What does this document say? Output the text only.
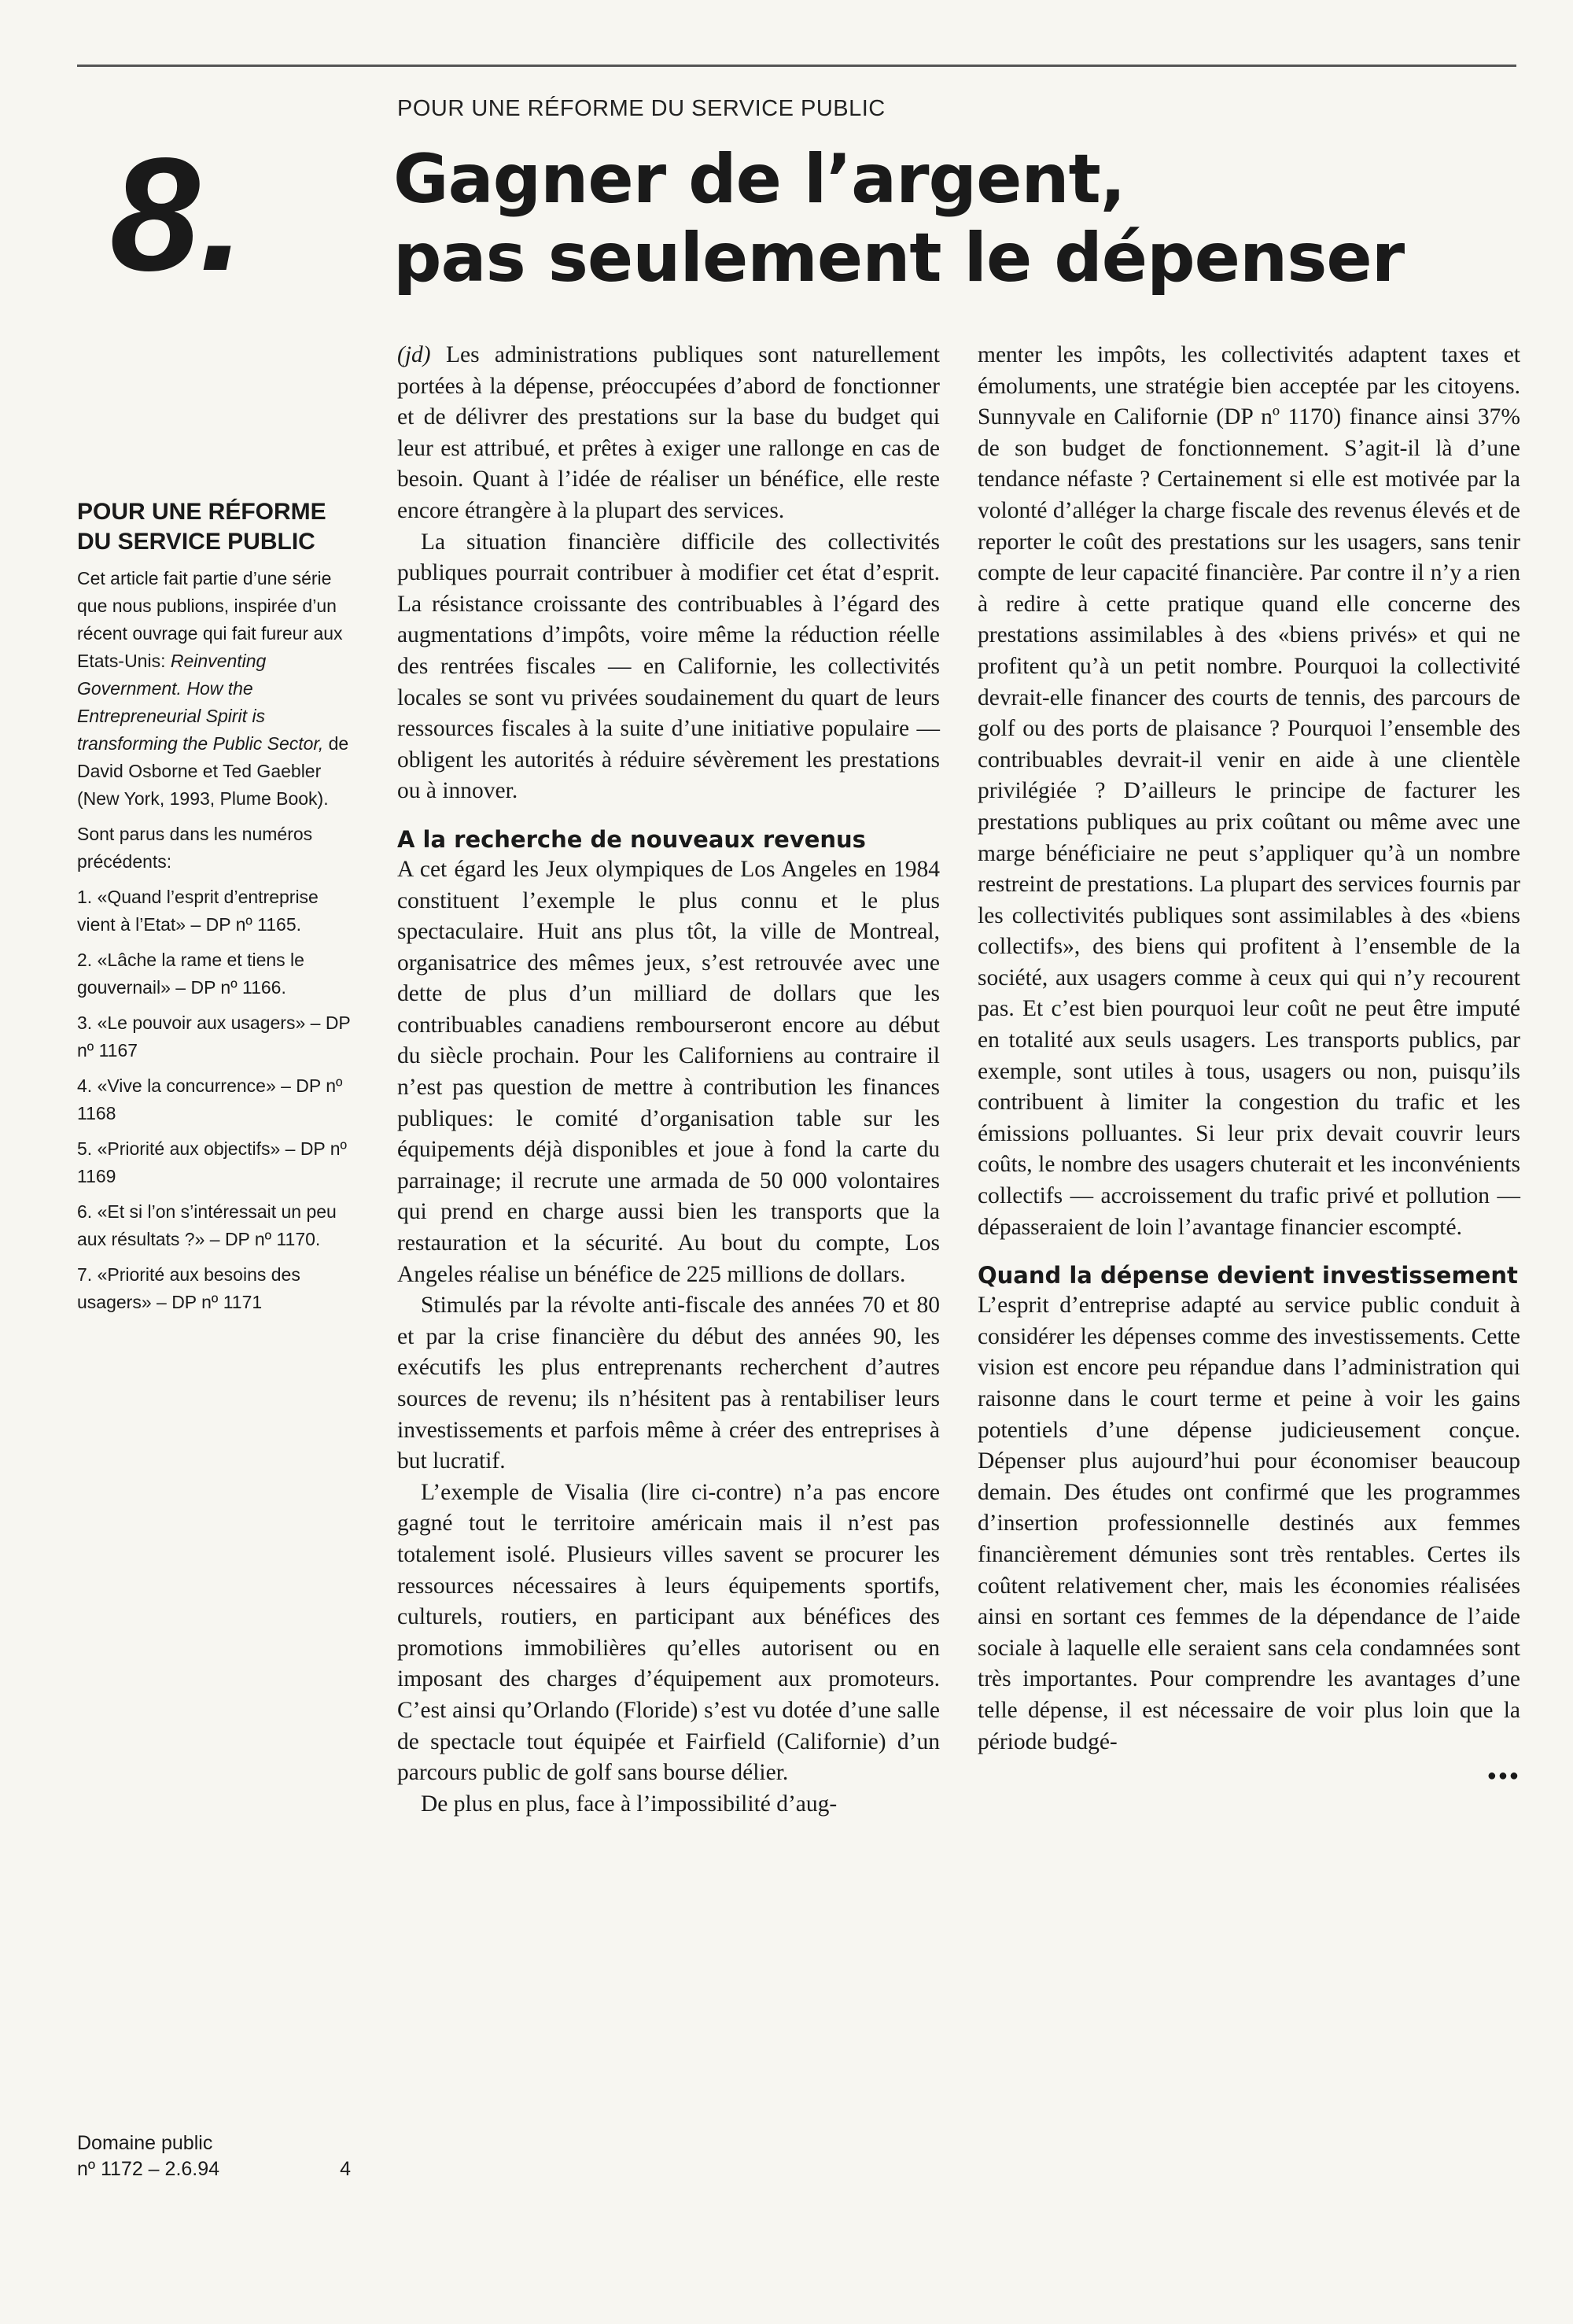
POUR UNE RÉFORME DU SERVICE PUBLIC
8. Gagner de l’argent,
pas seulement le dépenser
POUR UNE RÉFORME DU SERVICE PUBLIC

Cet article fait partie d’une série que nous publions, inspirée d’un récent ouvrage qui fait fureur aux Etats-Unis: Reinventing Government. How the Entrepreneurial Spirit is transforming the Public Sector, de David Osborne et Ted Gaebler (New York, 1993, Plume Book).

Sont parus dans les numéros précédents:

1. «Quand l’esprit d’entreprise vient à l’Etat» – DP nº 1165.
2. «Lâche la rame et tiens le gouvernail» – DP nº 1166.
3. «Le pouvoir aux usagers» – DP nº 1167
4. «Vive la concurrence» – DP nº 1168
5. «Priorité aux objectifs» – DP nº 1169
6. «Et si l’on s’intéressait un peu aux résultats ?» – DP nº 1170.
7. «Priorité aux besoins des usagers» – DP nº 1171
Domaine public
nº 1172 – 2.6.94	4

(jd) Les administrations publiques sont naturellement portées à la dépense, préoccupées d’abord de fonctionner et de délivrer des prestations sur la base du budget qui leur est attribué, et prêtes à exiger une rallonge en cas de besoin. Quant à l’idée de réaliser un bénéfice, elle reste encore étrangère à la plupart des services.

La situation financière difficile des collectivités publiques pourrait contribuer à modifier cet état d’esprit. La résistance croissante des contribuables à l’égard des augmentations d’impôts, voire même la réduction réelle des rentrées fiscales — en Californie, les collectivités locales se sont vu privées soudainement du quart de leurs ressources fiscales à la suite d’une initiative populaire — obligent les autorités à réduire sévèrement les prestations ou à innover.

A la recherche de nouveaux revenus

A cet égard les Jeux olympiques de Los Angeles en 1984 constituent l’exemple le plus connu et le plus spectaculaire. Huit ans plus tôt, la ville de Montreal, organisatrice des mêmes jeux, s’est retrouvée avec une dette de plus d’un milliard de dollars que les contribuables canadiens rembourseront encore au début du siècle prochain. Pour les Californiens au contraire il n’est pas question de mettre à contribution les finances publiques: le comité d’organisation table sur les équipements déjà disponibles et joue à fond la carte du parrainage; il recrute une armada de 50 000 volontaires qui prend en charge aussi bien les transports que la restauration et la sécurité. Au bout du compte, Los Angeles réalise un bénéfice de 225 millions de dollars.

Stimulés par la révolte anti-fiscale des années 70 et 80 et par la crise financière du début des années 90, les exécutifs les plus entreprenants recherchent d’autres sources de revenu; ils n’hésitent pas à rentabiliser leurs investissements et parfois même à créer des entreprises à but lucratif.

L’exemple de Visalia (lire ci-contre) n’a pas encore gagné tout le territoire américain mais il n’est pas totalement isolé. Plusieurs villes savent se procurer les ressources nécessaires à leurs équipements sportifs, culturels, routiers, en participant aux bénéfices des promotions immobilières qu’elles autorisent ou en imposant des charges d’équipement aux promoteurs. C’est ainsi qu’Orlando (Floride) s’est vu dotée d’une salle de spectacle tout équipée et Fairfield (Californie) d’un parcours public de golf sans bourse délier.

De plus en plus, face à l’impossibilité d’aug-

menter les impôts, les collectivités adaptent taxes et émoluments, une stratégie bien acceptée par les citoyens. Sunnyvale en Californie (DP nº 1170) finance ainsi 37% de son budget de fonctionnement. S’agit-il là d’une tendance néfaste ? Certainement si elle est motivée par la volonté d’alléger la charge fiscale des revenus élevés et de reporter le coût des prestations sur les usagers, sans tenir compte de leur capacité financière. Par contre il n’y a rien à redire à cette pratique quand elle concerne des prestations assimilables à des «biens privés» et qui ne profitent qu’à un petit nombre. Pourquoi la collectivité devrait-elle financer des courts de tennis, des parcours de golf ou des ports de plaisance ? Pourquoi l’ensemble des contribuables devrait-il venir en aide à une clientèle privilégiée ? D’ailleurs le principe de facturer les prestations publiques au prix coûtant ou même avec une marge bénéficiaire ne peut s’appliquer qu’à un nombre restreint de prestations. La plupart des services fournis par les collectivités publiques sont assimilables à des «biens collectifs», des biens qui profitent à l’ensemble de la société, aux usagers comme à ceux qui qui n’y recourent pas. Et c’est bien pourquoi leur coût ne peut être imputé en totalité aux seuls usagers. Les transports publics, par exemple, sont utiles à tous, usagers ou non, puisqu’ils contribuent à limiter la congestion du trafic et les émissions polluantes. Si leur prix devait couvrir leurs coûts, le nombre des usagers chuterait et les inconvénients collectifs — accroissement du trafic privé et pollution — dépasseraient de loin l’avantage financier escompté.

Quand la dépense devient investissement

L’esprit d’entreprise adapté au service public conduit à considérer les dépenses comme des investissements. Cette vision est encore peu répandue dans l’administration qui raisonne dans le court terme et peine à voir les gains potentiels d’une dépense judicieusement conçue. Dépenser plus aujourd’hui pour économiser beaucoup demain. Des études ont confirmé que les programmes d’insertion professionnelle destinés aux femmes financièrement démunies sont très rentables. Certes ils coûtent relativement cher, mais les économies réalisées ainsi en sortant ces femmes de la dépendance de l’aide sociale à laquelle elle seraient sans cela condamnées sont très importantes. Pour comprendre les avantages d’une telle dépense, il est nécessaire de voir plus loin que la période budgé-

●●●
